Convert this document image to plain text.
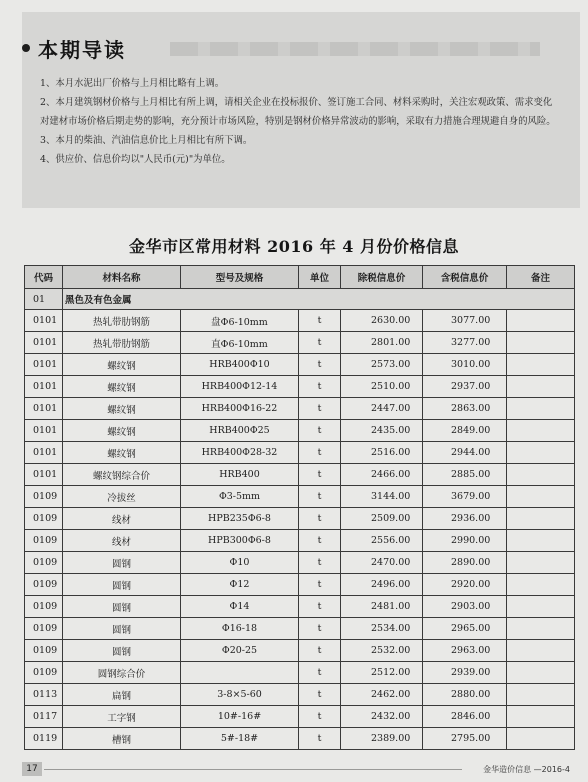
本期导读

1、本月水泥出厂价格与上月相比略有上调。

2、本月建筑钢材价格与上月相比有所上调，请相关企业在投标报价、签订施工合同、材料采购时，关注宏观政策、需求变化对建材市场价格后期走势的影响，充分预计市场风险，特别是钢材价格异常波动的影响，采取有力措施合理规避自身的风险。

3、本月的柴油、汽油信息价比上月相比有所下调。

4、供应价、信息价均以"人民币(元)"为单位。

金华市区常用材料 2016 年 4 月份价格信息
代码	材料名称	型号及规格	单位	除税信息价	含税信息价	备注
01	黑色及有色金属					
0101	热轧带肋钢筋	盘Φ6-10mm	t	2630.00	3077.00	
0101	热轧带肋钢筋	直Φ6-10mm	t	2801.00	3277.00	
0101	螺纹钢	HRB400Φ10	t	2573.00	3010.00	
0101	螺纹钢	HRB400Φ12-14	t	2510.00	2937.00	
0101	螺纹钢	HRB400Φ16-22	t	2447.00	2863.00	
0101	螺纹钢	HRB400Φ25	t	2435.00	2849.00	
0101	螺纹钢	HRB400Φ28-32	t	2516.00	2944.00	
0101	螺纹钢综合价	HRB400	t	2466.00	2885.00	
0109	冷拔丝	Φ3-5mm	t	3144.00	3679.00	
0109	线材	HPB235Φ6-8	t	2509.00	2936.00	
0109	线材	HPB300Φ6-8	t	2556.00	2990.00	
0109	圆钢	Φ10	t	2470.00	2890.00	
0109	圆钢	Φ12	t	2496.00	2920.00	
0109	圆钢	Φ14	t	2481.00	2903.00	
0109	圆钢	Φ16-18	t	2534.00	2965.00	
0109	圆钢	Φ20-25	t	2532.00	2963.00	
0109	圆钢综合价		t	2512.00	2939.00	
0113	扁钢	3-8×5-60	t	2462.00	2880.00	
0117	工字钢	10#-16#	t	2432.00	2846.00	
0119	槽钢	5#-18#	t	2389.00	2795.00	
17	金华造价信息 —2016-4
